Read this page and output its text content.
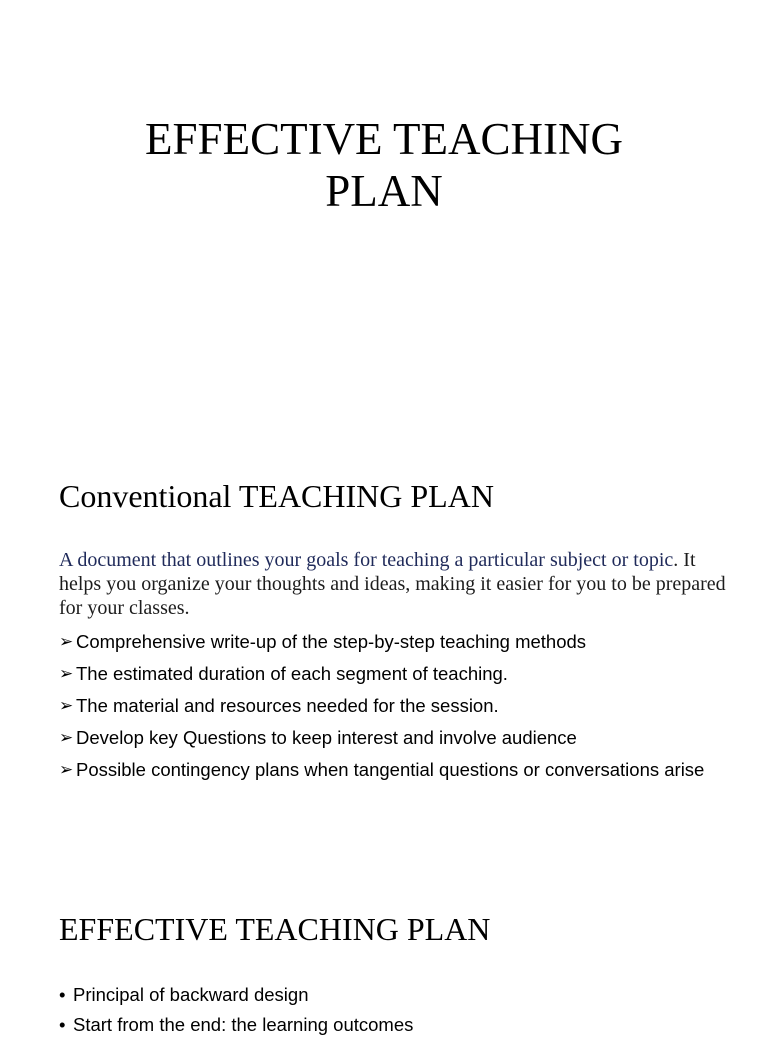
EFFECTIVE TEACHING
PLAN
Conventional TEACHING PLAN

A document that outlines your goals for teaching a particular subject or topic. It helps you organize your thoughts and ideas, making it easier for you to be prepared for your classes.

➢ Comprehensive write-up of the step-by-step teaching methods
➢ The estimated duration of each segment of teaching.
➢ The material and resources needed for the session.
➢ Develop key Questions to keep interest and involve audience
➢ Possible contingency plans when tangential questions or conversations arise
EFFECTIVE TEACHING PLAN
• Principal of backward design
• Start from the end: the learning outcomes
